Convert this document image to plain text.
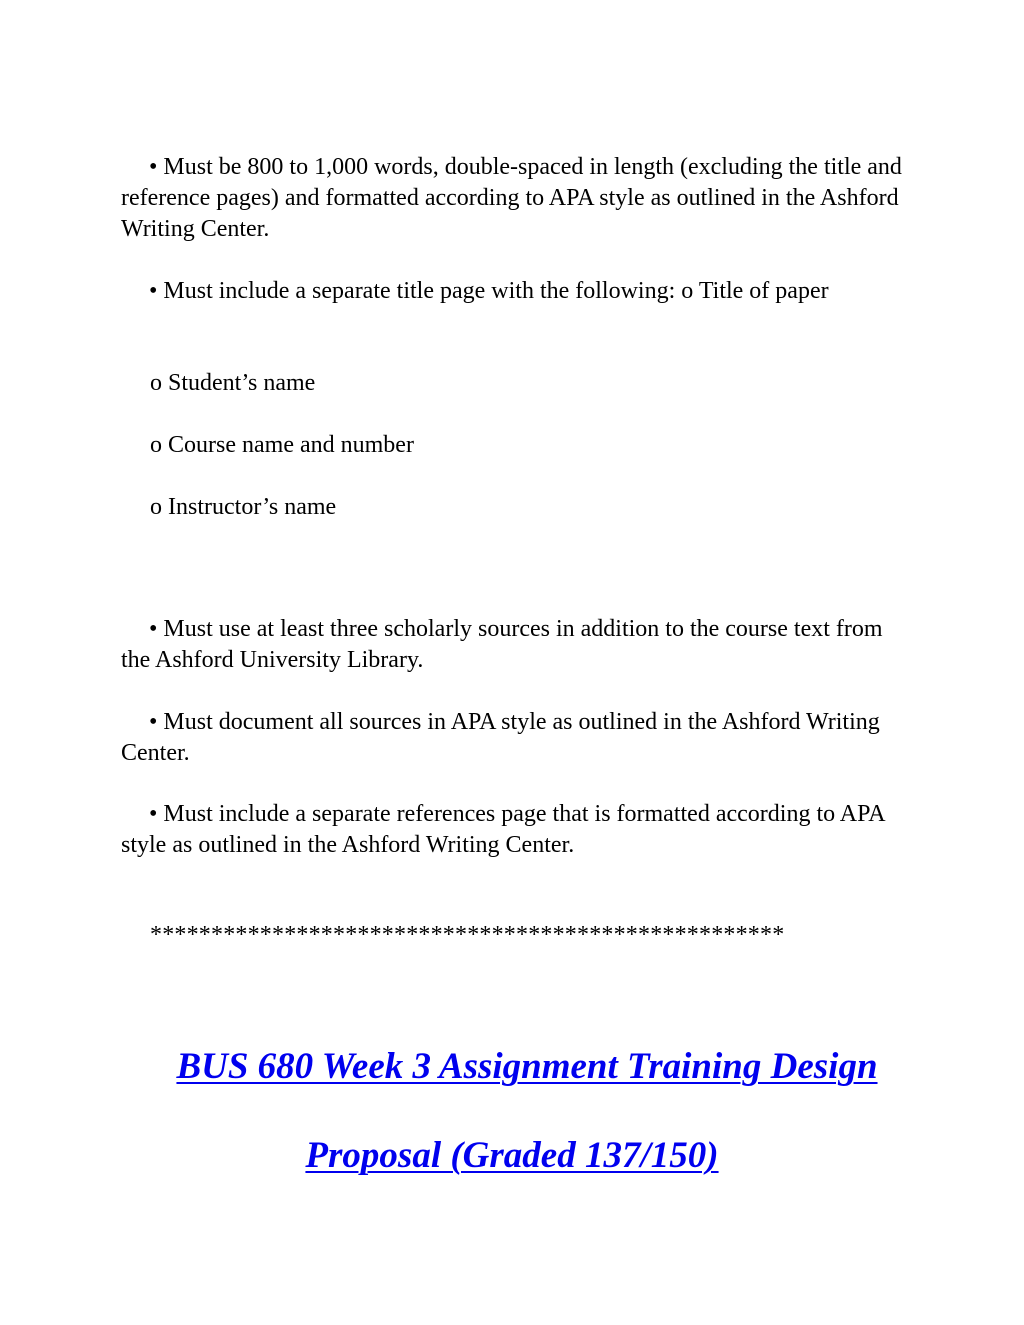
• Must be 800 to 1,000 words, double-spaced in length (excluding the title and reference pages) and formatted according to APA style as outlined in the Ashford Writing Center.

• Must include a separate title page with the following: o Title of paper

o Student’s name

o Course name and number

o Instructor’s name

• Must use at least three scholarly sources in addition to the course text from the Ashford University Library.

• Must document all sources in APA style as outlined in the Ashford Writing Center.

• Must include a separate references page that is formatted according to APA style as outlined in the Ashford Writing Center.

****************************************************

BUS 680 Week 3 Assignment Training Design

Proposal (Graded 137/150)
